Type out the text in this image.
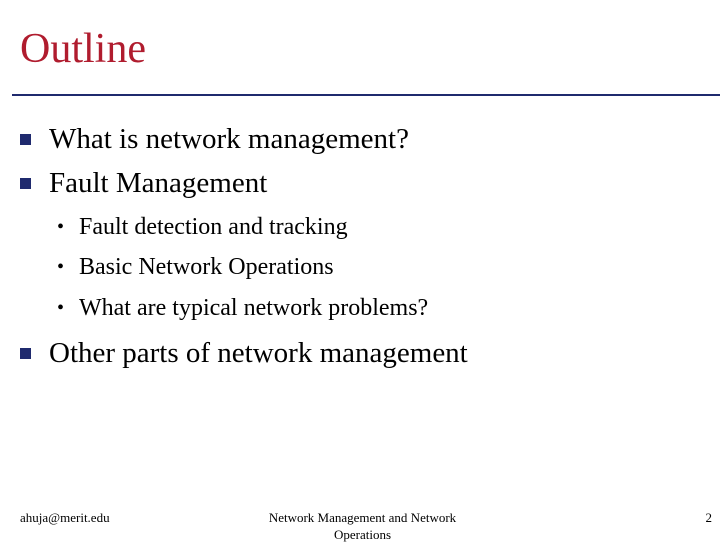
Outline
What is network management?
Fault Management
• Fault detection and tracking
• Basic Network Operations
• What are typical network problems?
Other parts of network management
ahuja@merit.edu	Network Management and Network Operations
2
